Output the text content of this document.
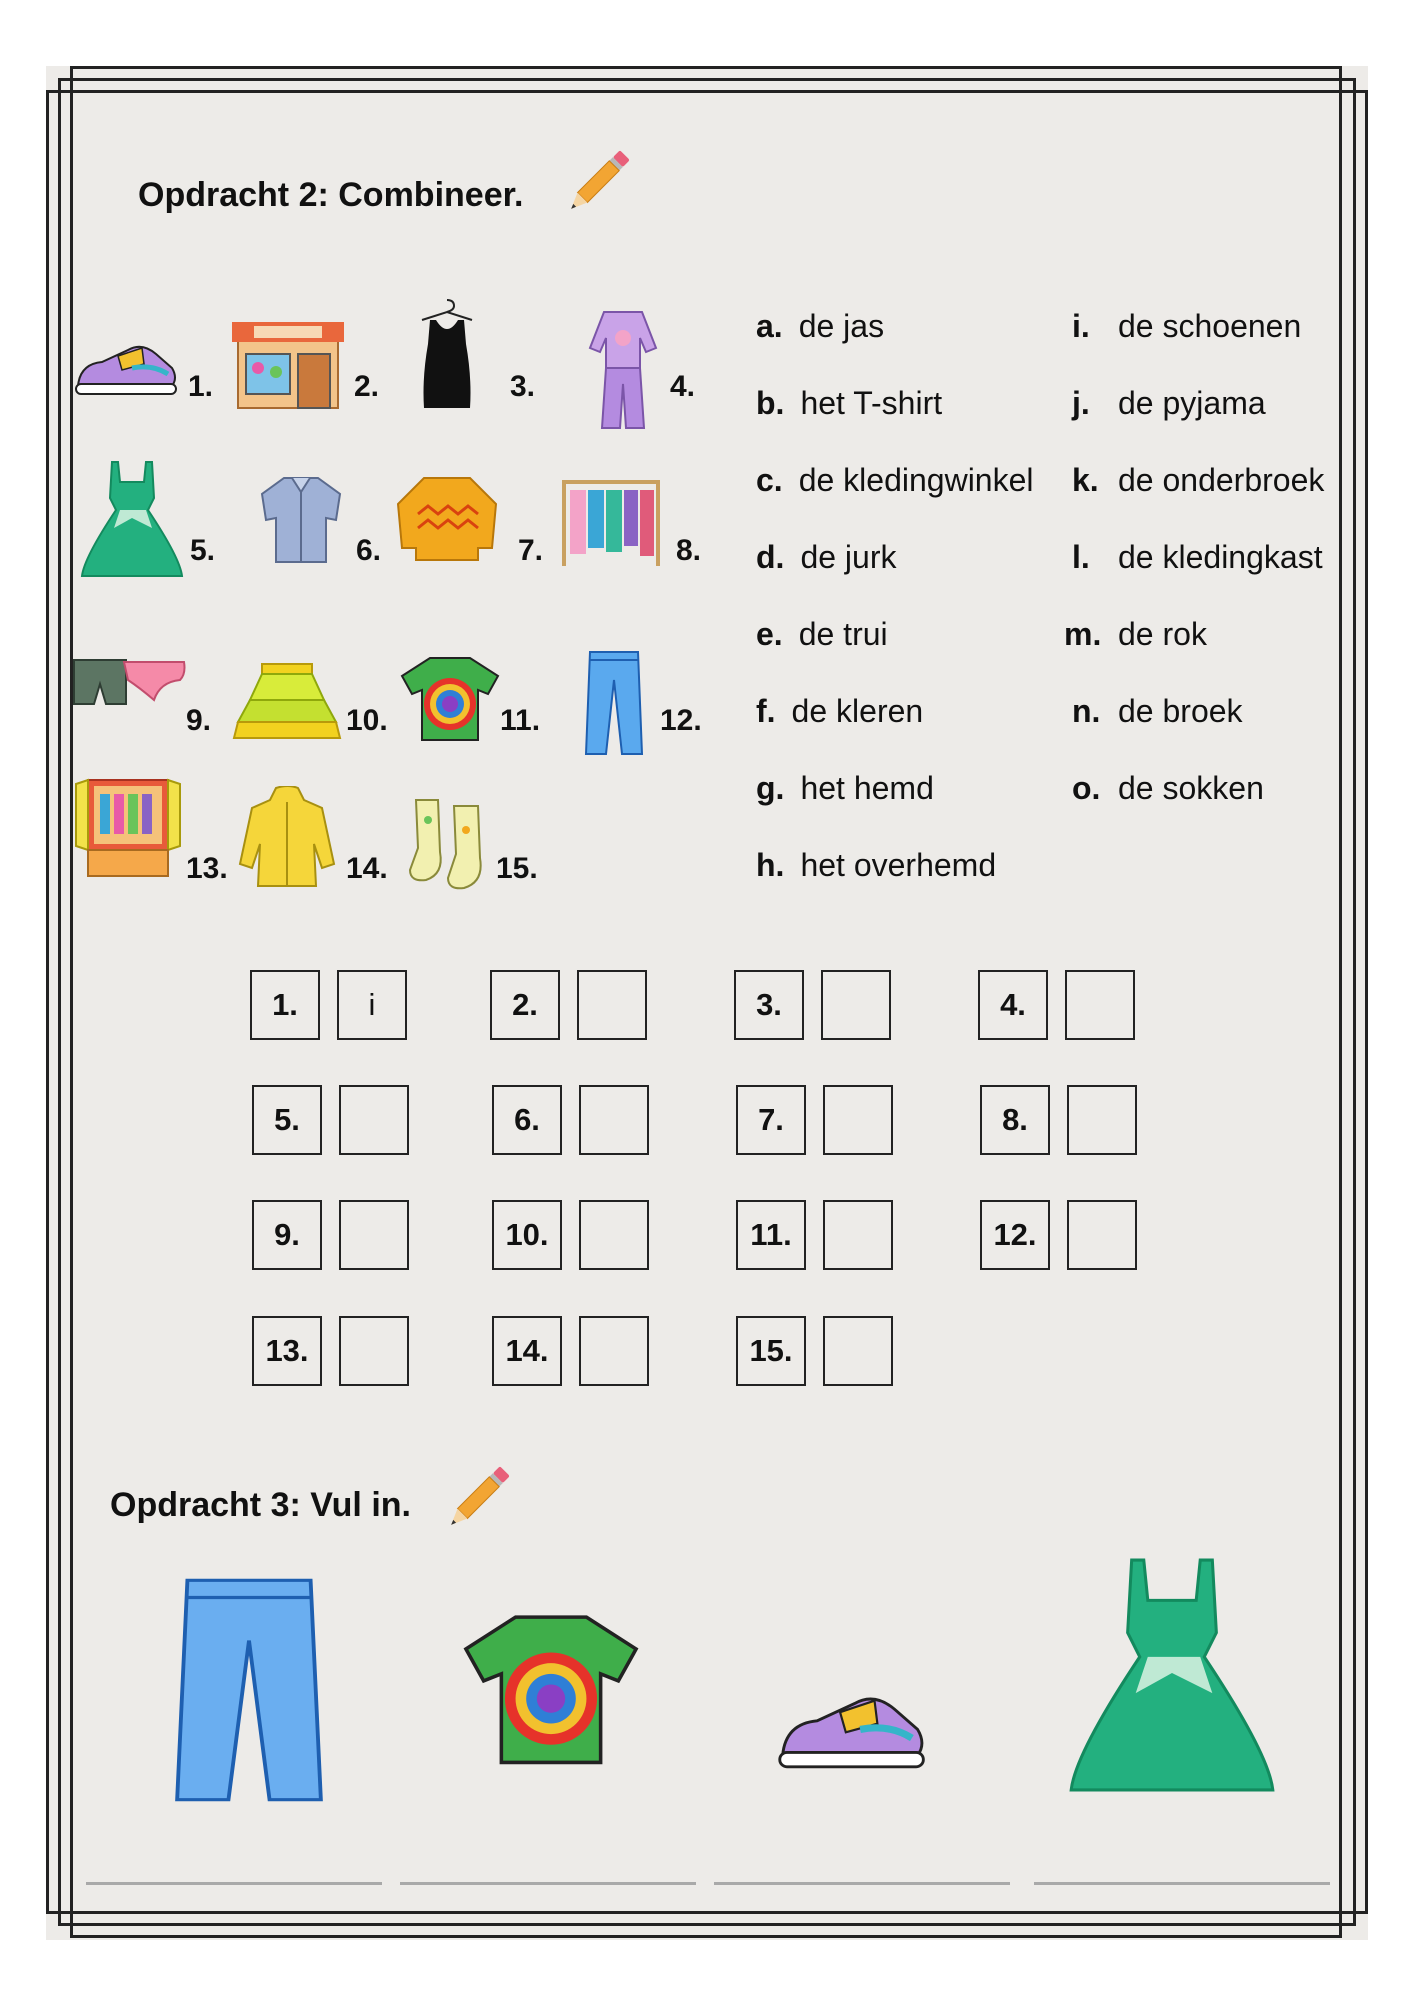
Opdracht 2: Combineer.
1.	2.	3.	4.
5.	6.	7.	8.
9.	10.	11.	12.
13.	14.	15.
a. de jas
b. het T-shirt
c. de kledingwinkel
d. de jurk
e. de trui
f. de kleren
g. het hemd
h. het overhemd
i. de schoenen
j. de pyjama
k. de onderbroek
l. de kledingkast
m. de rok
n. de broek
o. de sokken
1.	i	2.	3.	4.
5.	6.	7.	8.
9.	10.	11.	12.
13.	14.	15.
Opdracht 3: Vul in.
